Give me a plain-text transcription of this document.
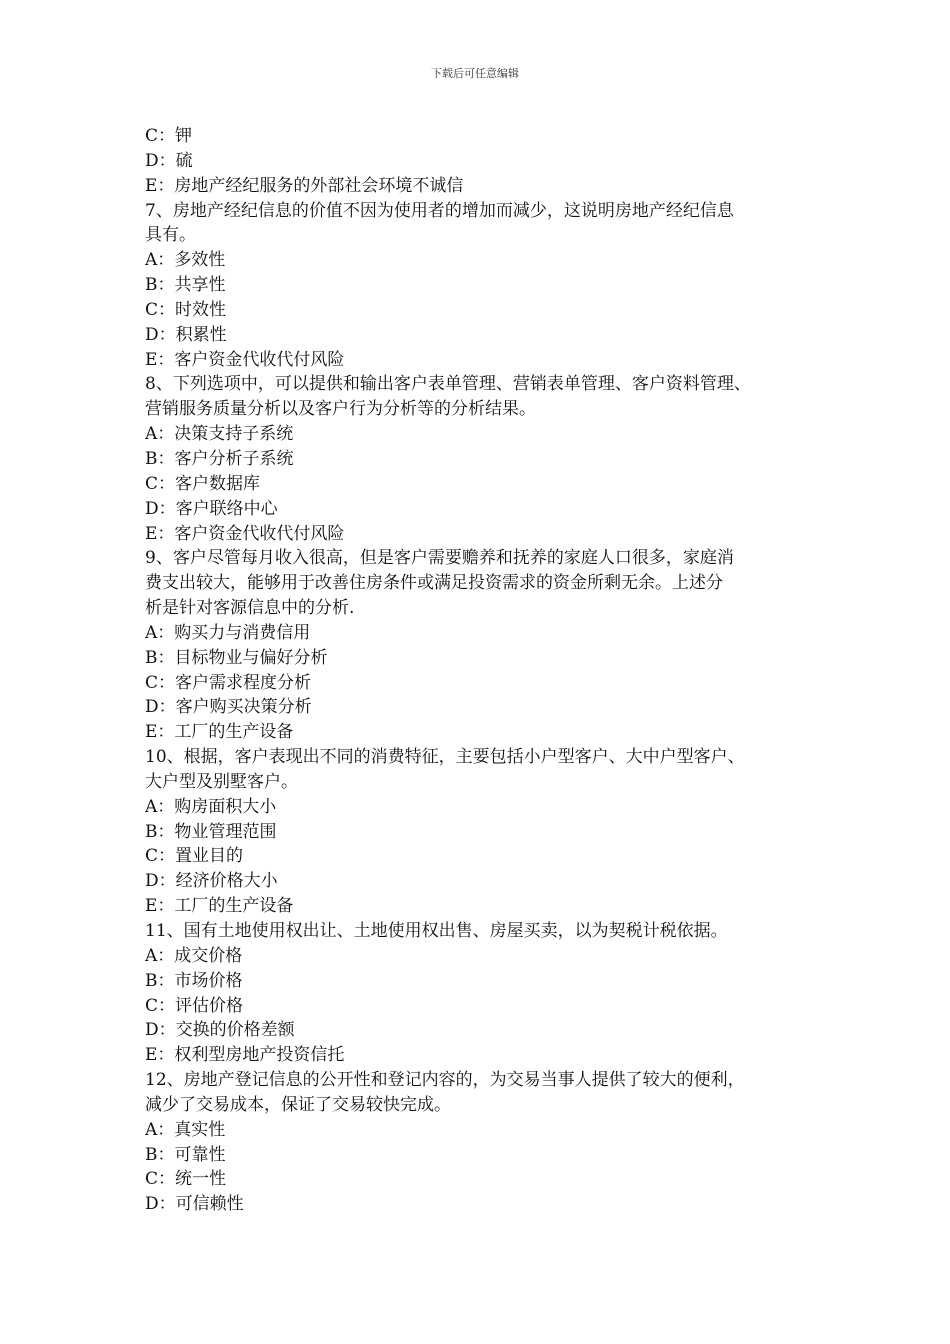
下载后可任意编辑
C：钾
D：硫
E：房地产经纪服务的外部社会环境不诚信
7、房地产经纪信息的价值不因为使用者的增加而减少，这说明房地产经纪信息
具有。
A：多效性
B：共享性
C：时效性
D：积累性
E：客户资金代收代付风险
8、下列选项中，可以提供和输出客户表单管理、营销表单管理、客户资料管理、
营销服务质量分析以及客户行为分析等的分析结果。
A：决策支持子系统
B：客户分析子系统
C：客户数据库
D：客户联络中心
E：客户资金代收代付风险
9、客户尽管每月收入很高，但是客户需要赡养和抚养的家庭人口很多，家庭消
费支出较大，能够用于改善住房条件或满足投资需求的资金所剩无余。上述分
析是针对客源信息中的分析.
A：购买力与消费信用
B：目标物业与偏好分析
C：客户需求程度分析
D：客户购买决策分析
E：工厂的生产设备
10、根据，客户表现出不同的消费特征，主要包括小户型客户、大中户型客户、
大户型及别墅客户。
A：购房面积大小
B：物业管理范围
C：置业目的
D：经济价格大小
E：工厂的生产设备
11、国有土地使用权出让、土地使用权出售、房屋买卖，以为契税计税依据。
A：成交价格
B：市场价格
C：评估价格
D：交换的价格差额
E：权利型房地产投资信托
12、房地产登记信息的公开性和登记内容的，为交易当事人提供了较大的便利，
减少了交易成本，保证了交易较快完成。
A：真实性
B：可靠性
C：统一性
D：可信赖性
